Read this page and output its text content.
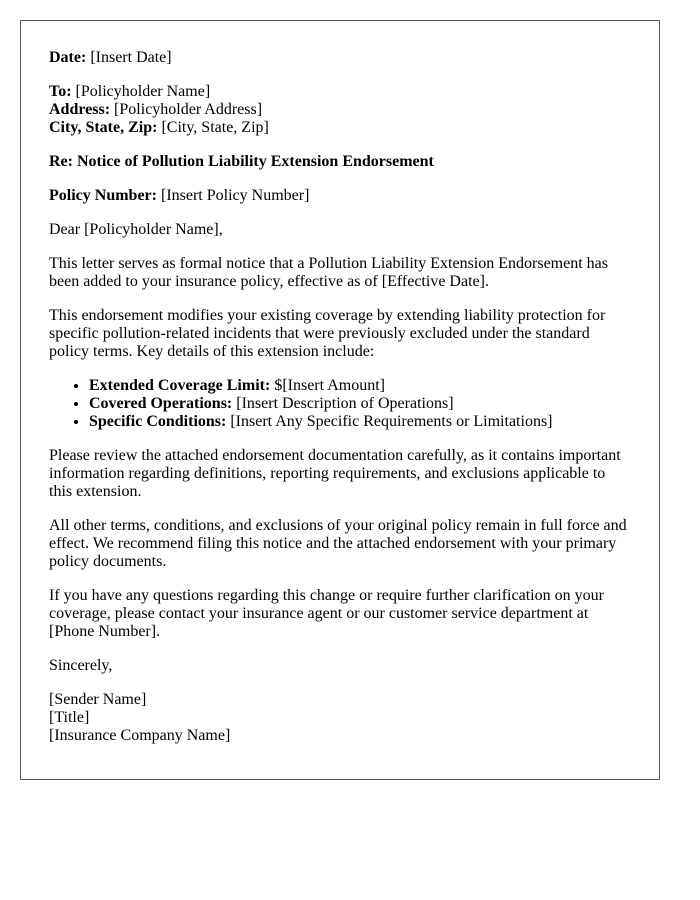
Date: [Insert Date]

To: [Policyholder Name]

Address: [Policyholder Address]

City, State, Zip: [City, State, Zip]

Re: Notice of Pollution Liability Extension Endorsement

Policy Number: [Insert Policy Number]

Dear [Policyholder Name],

This letter serves as formal notice that a Pollution Liability Extension Endorsement has been added to your insurance policy, effective as of [Effective Date].

This endorsement modifies your existing coverage by extending liability protection for specific pollution-related incidents that were previously excluded under the standard policy terms. Key details of this extension include:

• Extended Coverage Limit: $[Insert Amount]
• Covered Operations: [Insert Description of Operations]
• Specific Conditions: [Insert Any Specific Requirements or Limitations]

Please review the attached endorsement documentation carefully, as it contains important information regarding definitions, reporting requirements, and exclusions applicable to this extension.

All other terms, conditions, and exclusions of your original policy remain in full force and effect. We recommend filing this notice and the attached endorsement with your primary policy documents.

If you have any questions regarding this change or require further clarification on your coverage, please contact your insurance agent or our customer service department at [Phone Number].

Sincerely,

[Sender Name]

[Title]

[Insurance Company Name]
